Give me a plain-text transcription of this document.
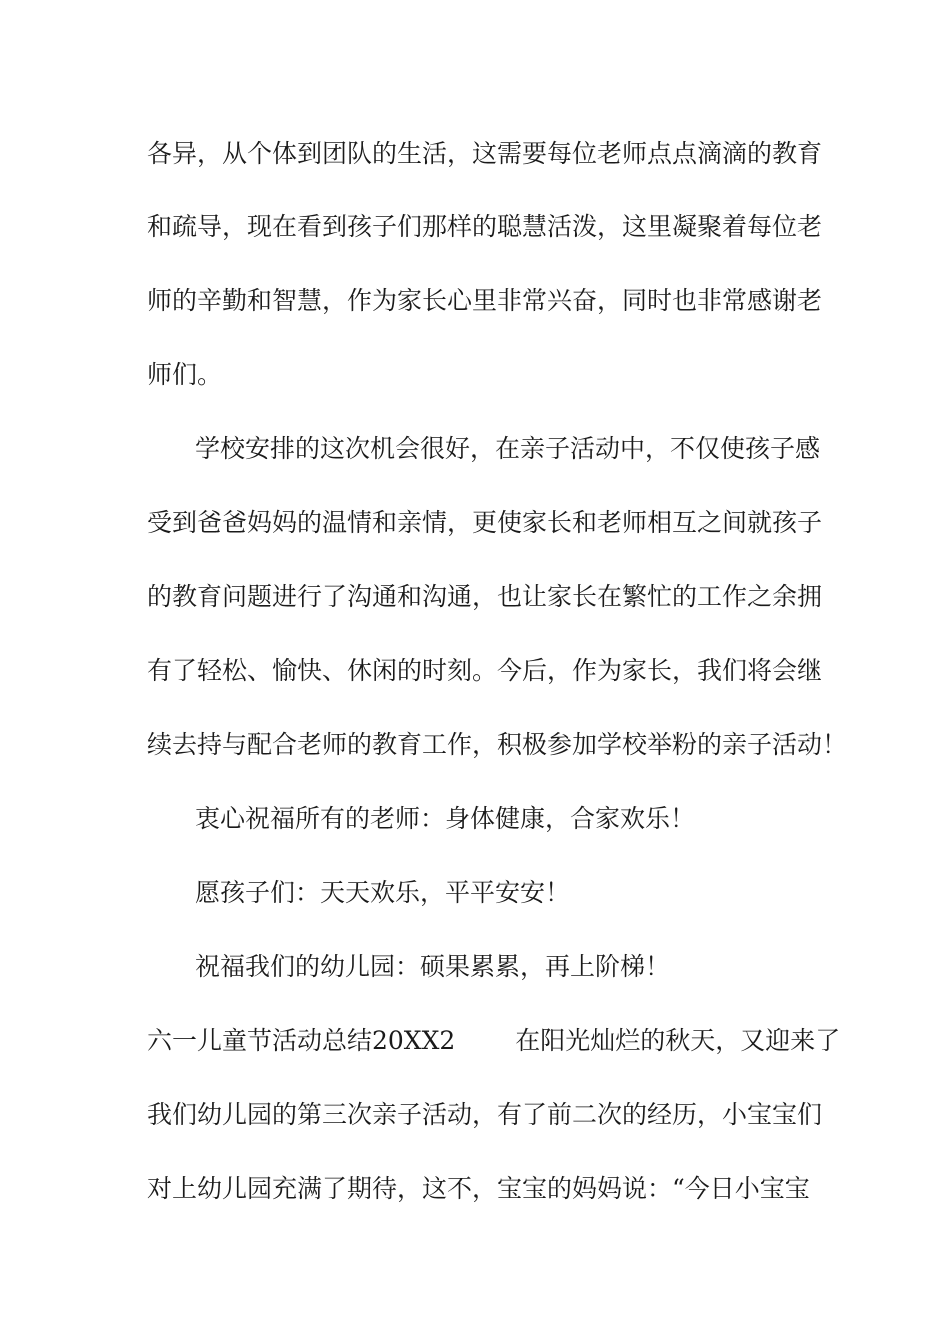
各异，从个体到团队的生活，这需要每位老师点点滴滴的教育
和疏导，现在看到孩子们那样的聪慧活泼，这里凝聚着每位老
师的辛勤和智慧，作为家长心里非常兴奋，同时也非常感谢老
师们。
学校安排的这次机会很好，在亲子活动中，不仅使孩子感
受到爸爸妈妈的温情和亲情，更使家长和老师相互之间就孩子
的教育问题进行了沟通和沟通，也让家长在繁忙的工作之余拥
有了轻松、愉快、休闲的时刻。今后，作为家长，我们将会继
续去持与配合老师的教育工作，积极参加学校举粉的亲子活动！
衷心祝福所有的老师：身体健康，合家欢乐！
愿孩子们：天天欢乐，平平安安！
祝福我们的幼儿园：硕果累累，再上阶梯！
六一儿童节活动总结20XX2 在阳光灿烂的秋天，又迎来了
我们幼儿园的第三次亲子活动，有了前二次的经历，小宝宝们
对上幼儿园充满了期待，这不，宝宝的妈妈说：“今日小宝宝
